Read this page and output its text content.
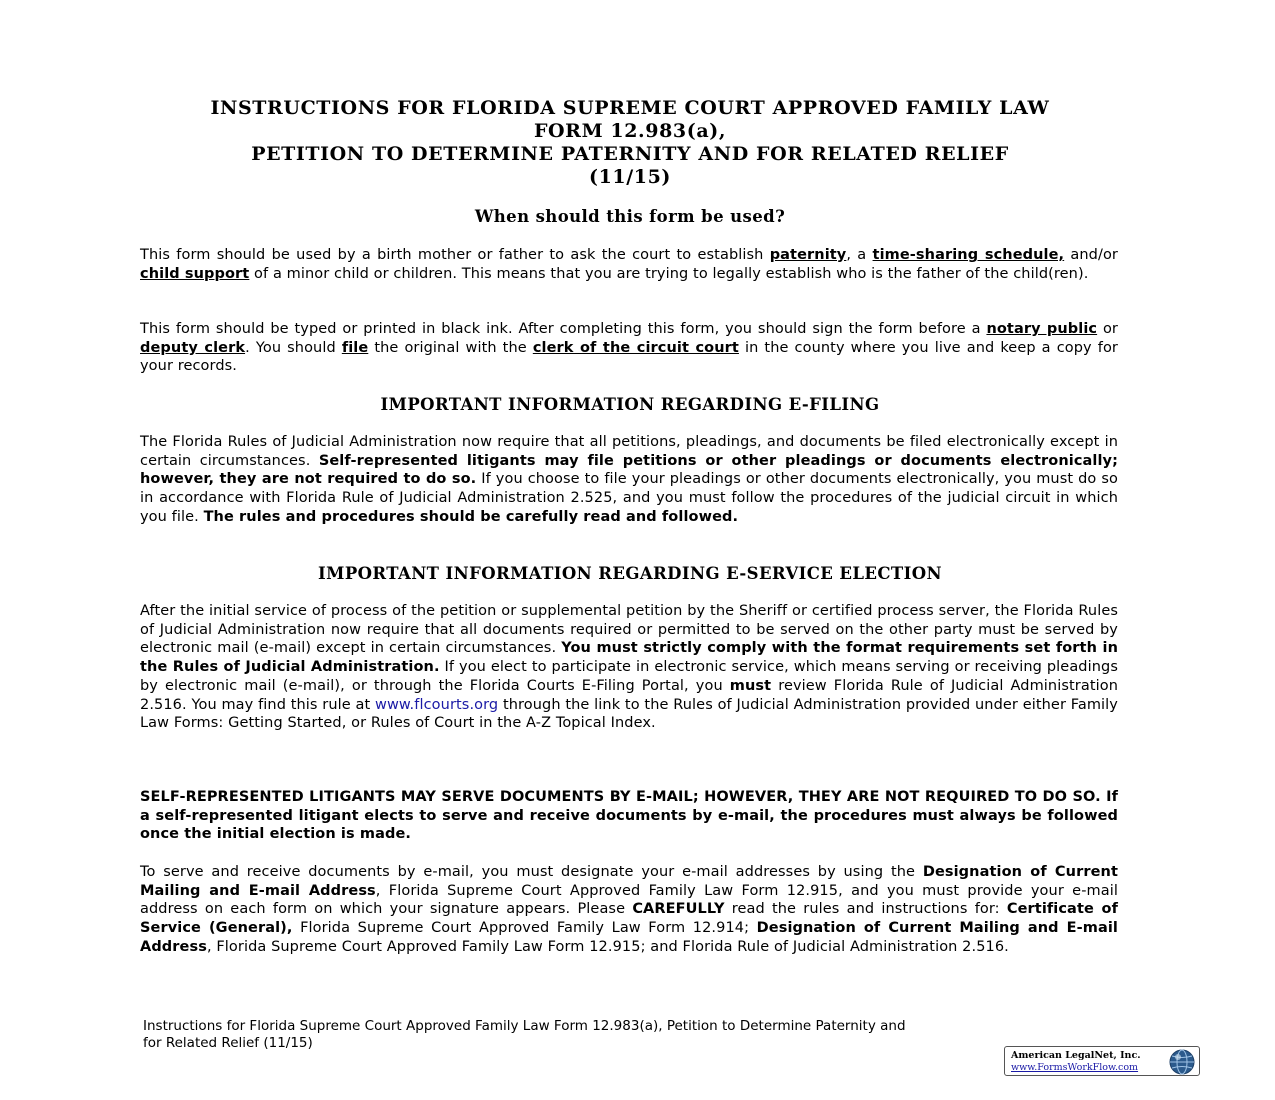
INSTRUCTIONS FOR FLORIDA SUPREME COURT APPROVED FAMILY LAW
FORM 12.983(a),
PETITION TO DETERMINE PATERNITY AND FOR RELATED RELIEF
(11/15)
When should this form be used?
This form should be used by a birth mother or father to ask the court to establish paternity, a time-sharing schedule, and/or child support of a minor child or children. This means that you are trying to legally establish who is the father of the child(ren).
This form should be typed or printed in black ink. After completing this form, you should sign the form before a notary public or deputy clerk. You should file the original with the clerk of the circuit court in the county where you live and keep a copy for your records.
IMPORTANT INFORMATION REGARDING E-FILING
The Florida Rules of Judicial Administration now require that all petitions, pleadings, and documents be filed electronically except in certain circumstances. Self-represented litigants may file petitions or other pleadings or documents electronically; however, they are not required to do so. If you choose to file your pleadings or other documents electronically, you must do so in accordance with Florida Rule of Judicial Administration 2.525, and you must follow the procedures of the judicial circuit in which you file. The rules and procedures should be carefully read and followed.
IMPORTANT INFORMATION REGARDING E-SERVICE ELECTION
After the initial service of process of the petition or supplemental petition by the Sheriff or certified process server, the Florida Rules of Judicial Administration now require that all documents required or permitted to be served on the other party must be served by electronic mail (e-mail) except in certain circumstances. You must strictly comply with the format requirements set forth in the Rules of Judicial Administration. If you elect to participate in electronic service, which means serving or receiving pleadings by electronic mail (e-mail), or through the Florida Courts E-Filing Portal, you must review Florida Rule of Judicial Administration 2.516. You may find this rule at www.flcourts.org through the link to the Rules of Judicial Administration provided under either Family Law Forms: Getting Started, or Rules of Court in the A-Z Topical Index.
SELF-REPRESENTED LITIGANTS MAY SERVE DOCUMENTS BY E-MAIL; HOWEVER, THEY ARE NOT REQUIRED TO DO SO. If a self-represented litigant elects to serve and receive documents by e-mail, the procedures must always be followed once the initial election is made.
To serve and receive documents by e-mail, you must designate your e-mail addresses by using the Designation of Current Mailing and E-mail Address, Florida Supreme Court Approved Family Law Form 12.915, and you must provide your e-mail address on each form on which your signature appears. Please CAREFULLY read the rules and instructions for: Certificate of Service (General), Florida Supreme Court Approved Family Law Form 12.914; Designation of Current Mailing and E-mail Address, Florida Supreme Court Approved Family Law Form 12.915; and Florida Rule of Judicial Administration 2.516.
Instructions for Florida Supreme Court Approved Family Law Form 12.983(a), Petition to Determine Paternity and
for Related Relief (11/15)
American LegalNet, Inc.
www.FormsWorkFlow.com
